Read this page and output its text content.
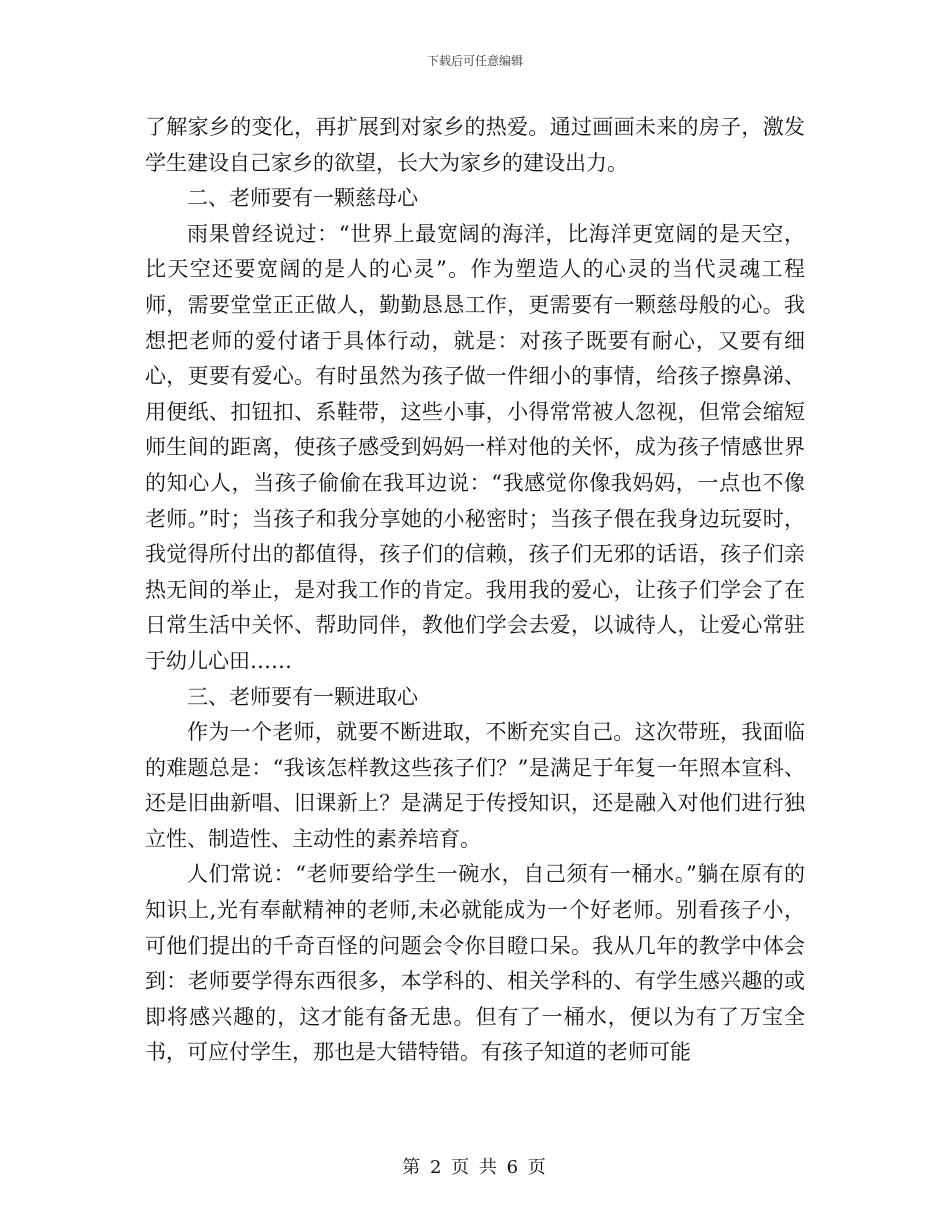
下载后可任意编辑

了解家乡的变化，再扩展到对家乡的热爱。通过画画未来的房子，激发学生建设自己家乡的欲望，长大为家乡的建设出力。

二、老师要有一颗慈母心

雨果曾经说过：“世界上最宽阔的海洋，比海洋更宽阔的是天空，比天空还要宽阔的是人的心灵”。作为塑造人的心灵的当代灵魂工程师，需要堂堂正正做人，勤勤恳恳工作，更需要有一颗慈母般的心。我想把老师的爱付诸于具体行动，就是：对孩子既要有耐心，又要有细心，更要有爱心。有时虽然为孩子做一件细小的事情，给孩子擦鼻涕、用便纸、扣钮扣、系鞋带，这些小事，小得常常被人忽视，但常会缩短师生间的距离，使孩子感受到妈妈一样对他的关怀，成为孩子情感世界的知心人，当孩子偷偷在我耳边说：“我感觉你像我妈妈，一点也不像老师。”时；当孩子和我分享她的小秘密时；当孩子偎在我身边玩耍时，我觉得所付出的都值得，孩子们的信赖，孩子们无邪的话语，孩子们亲热无间的举止，是对我工作的肯定。我用我的爱心，让孩子们学会了在日常生活中关怀、帮助同伴，教他们学会去爱，以诚待人，让爱心常驻于幼儿心田……

三、老师要有一颗进取心

作为一个老师，就要不断进取，不断充实自己。这次带班，我面临的难题总是：“我该怎样教这些孩子们？”是满足于年复一年照本宣科、还是旧曲新唱、旧课新上？是满足于传授知识，还是融入对他们进行独立性、制造性、主动性的素养培育。

人们常说：“老师要给学生一碗水，自己须有一桶水。”躺在原有的知识上,光有奉献精神的老师,未必就能成为一个好老师。别看孩子小，可他们提出的千奇百怪的问题会令你目瞪口呆。我从几年的教学中体会到：老师要学得东西很多，本学科的、相关学科的、有学生感兴趣的或即将感兴趣的，这才能有备无患。但有了一桶水，便以为有了万宝全书，可应付学生，那也是大错特错。有孩子知道的老师可能

第 2 页 共 6 页
